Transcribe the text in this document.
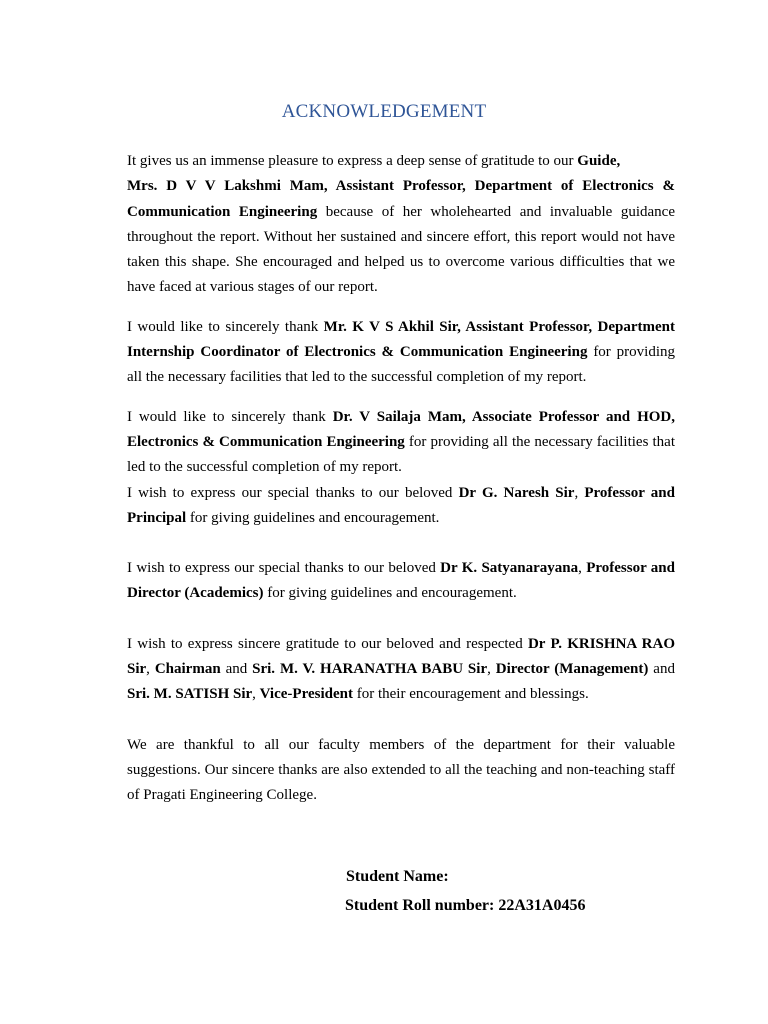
ACKNOWLEDGEMENT

It gives us an immense pleasure to express a deep sense of gratitude to our Guide,
Mrs. D V V Lakshmi Mam, Assistant Professor, Department of Electronics & Communication Engineering because of her wholehearted and invaluable guidance throughout the report. Without her sustained and sincere effort, this report would not have taken this shape. She encouraged and helped us to overcome various difficulties that we have faced at various stages of our report.

I would like to sincerely thank Mr. K V S Akhil Sir, Assistant Professor, Department Internship Coordinator of Electronics & Communication Engineering for providing all the necessary facilities that led to the successful completion of my report.

I would like to sincerely thank Dr. V Sailaja Mam, Associate Professor and HOD, Electronics & Communication Engineering for providing all the necessary facilities that led to the successful completion of my report.

I wish to express our special thanks to our beloved Dr G. Naresh Sir, Professor and Principal for giving guidelines and encouragement.

I wish to express our special thanks to our beloved Dr K. Satyanarayana, Professor and Director (Academics) for giving guidelines and encouragement.

I wish to express sincere gratitude to our beloved and respected Dr P. KRISHNA RAO Sir, Chairman and Sri. M. V. HARANATHA BABU Sir, Director (Management) and Sri. M. SATISH Sir, Vice-President for their encouragement and blessings.

We are thankful to all our faculty members of the department for their valuable suggestions. Our sincere thanks are also extended to all the teaching and non-teaching staff of Pragati Engineering College.

Student Name:
Student Roll number: 22A31A0456
